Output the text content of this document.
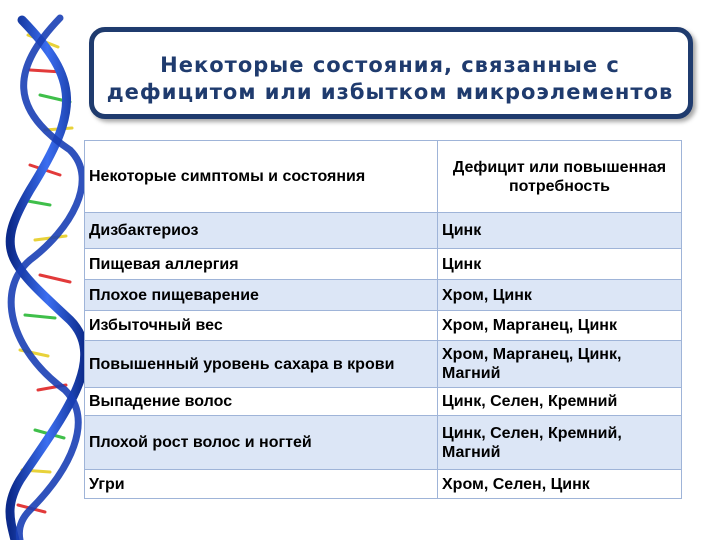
Некоторые состояния, связанные с дефицитом или избытком микроэлементов
Некоторые симптомы и состояния	Дефицит или повышенная потребность
Дизбактериоз	Цинк
Пищевая аллергия	Цинк
Плохое пищеварение	Хром, Цинк
Избыточный вес	Хром, Марганец, Цинк
Повышенный уровень сахара в крови	Хром, Марганец, Цинк, Магний
Выпадение волос	Цинк, Селен, Кремний
Плохой рост волос и ногтей	Цинк, Селен, Кремний, Магний
Угри	Хром, Селен, Цинк
